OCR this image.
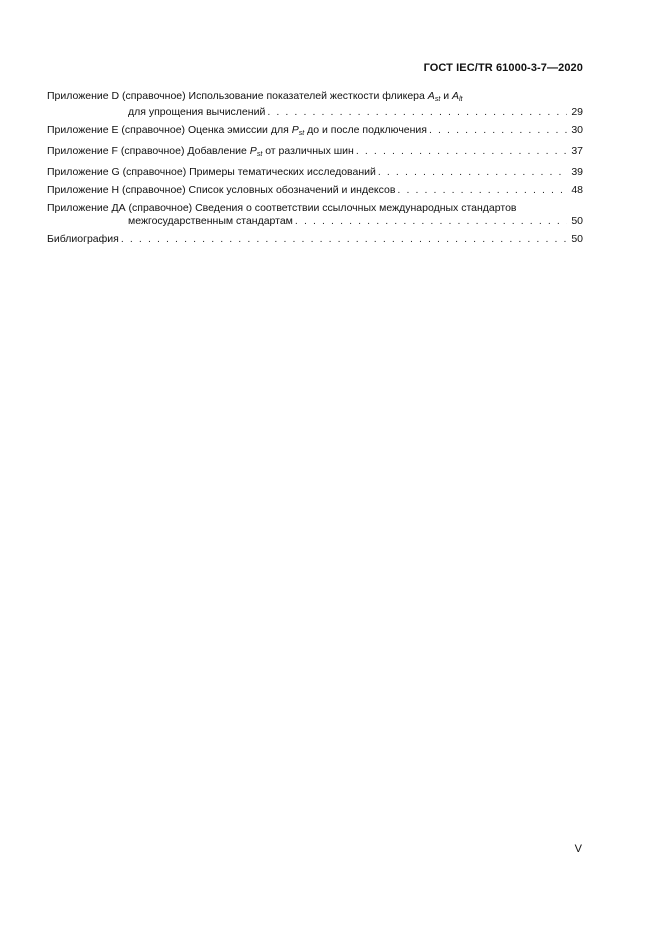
ГОСТ IEC/TR 61000-3-7—2020
Приложение D (справочное) Использование показателей жесткости фликера $A_{st}$ и $A_{lt}$
для упрощения вычислений . . .	29
Приложение E (справочное) Оценка эмиссии для $P_{st}$ до и после подключения . . .	30
Приложение F (справочное) Добавление $P_{st}$ от различных шин . . .	37
Приложение G (справочное) Примеры тематических исследований . . .	39
Приложение H (справочное) Список условных обозначений и индексов . . .	48
Приложение ДА (справочное) Сведения о соответствии ссылочных международных стандартов
межгосударственным стандартам . . .	50
Библиография . . .	50
V
